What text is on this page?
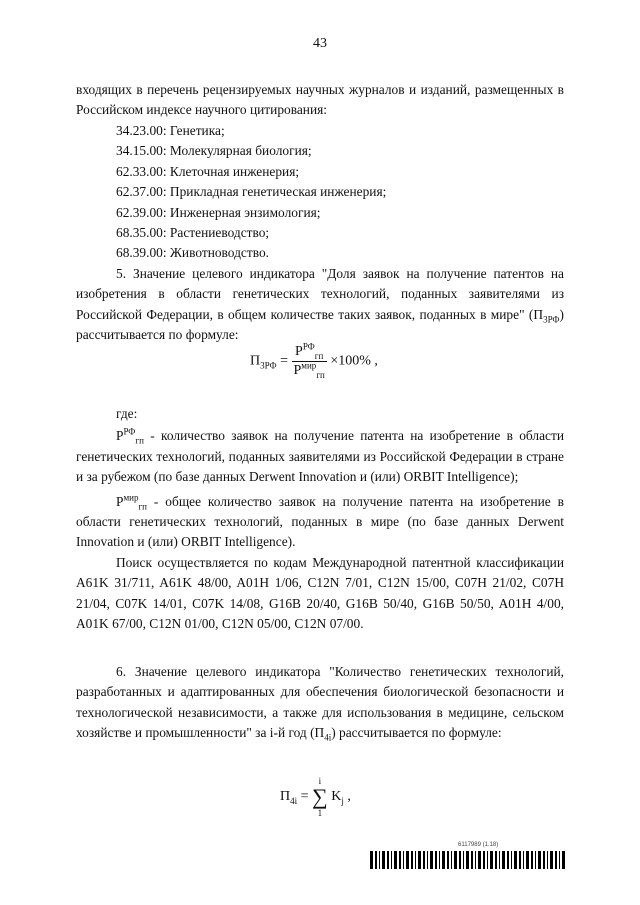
43

входящих в перечень рецензируемых научных журналов и изданий, размещенных в Российском индексе научного цитирования:

34.23.00: Генетика;

34.15.00: Молекулярная биология;

62.33.00: Клеточная инженерия;

62.37.00: Прикладная генетическая инженерия;

62.39.00: Инженерная энзимология;

68.35.00: Растениеводство;

68.39.00: Животноводство.

5. Значение целевого индикатора "Доля заявок на получение патентов на изобретения в области генетических технологий, поданных заявителями из Российской Федерации, в общем количестве таких заявок, поданных в мире" $(П_{3РФ})$ рассчитывается по формуле:

$П_{3РФ} = \frac{Р^{РФ}_{гп}}{Р^{мир}_{гп}} \times 100\%$ ,

где:

$Р^{РФ}_{гп}$ - количество заявок на получение патента на изобретение в области генетических технологий, поданных заявителями из Российской Федерации в стране и за рубежом (по базе данных Derwent Innovation и (или) ORBIT Intelligence);

$Р^{мир}_{гп}$ - общее количество заявок на получение патента на изобретение в области генетических технологий, поданных в мире (по базе данных Derwent Innovation и (или) ORBIT Intelligence).

Поиск осуществляется по кодам Международной патентной классификации A61K 31/711, A61K 48/00, A01H 1/06, C12N 7/01, C12N 15/00, C07H 21/02, C07H 21/04, C07K 14/01, C07K 14/08, G16B 20/40, G16B 50/40, G16B 50/50, A01H 4/00, A01K 67/00, C12N 01/00, C12N 05/00, C12N 07/00.

6. Значение целевого индикатора "Количество генетических технологий, разработанных и адаптированных для обеспечения биологической безопасности и технологической независимости, а также для использования в медицине, сельском хозяйстве и промышленности" за i-й год $(П_{4i})$ рассчитывается по формуле:

$П_{4i} = i$
∑
1 $K_j$ ,
6117989 (1.18)
